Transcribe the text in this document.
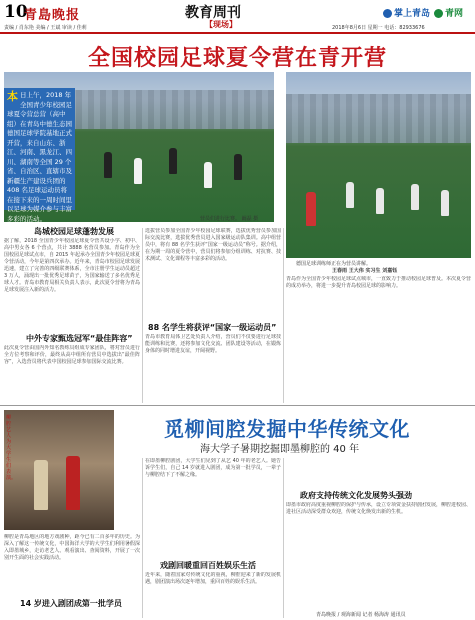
10
青島晚报
责编 / 肖东艳 美编 / 王斌 审读 / 佳莉
教育周刊
【现场】
掌上青岛	青网
2018年8月6日 星期一 电话：82933676
全国校园足球夏令营在青开营
本日上午，2018 年全国青少年校园足球夏令营总营（高中组）在青岛中德生态园德国足球学院基地正式开营，来自山东、浙江、河南、黑龙江、四川、湖南等全国 29 个省、自治区、直辖市及新疆生产建设兵团的 408 名足球运动员将在接下来的一周时间里以足球为媒介参与丰富多彩的活动。	营员们进行比赛。 阚磊 摄
岛城校园足球蓬勃发展
据了解，2018 全国青少年校园足球夏令营共设小学、初中、高中男女各 6 个营点，共计 3888 名营员参加。青岛作为全国校园足球试点市，自 2015 年起承办全国青少年校园足球夏令营活动，今年是第四次承办。近年来，青岛市校园足球发展迅速，建立了完善的四级联赛体系，全市注册学生运动员超过 3 万人，涌现出一批优秀足球苗子，为国家输送了多名优秀足球人才。青岛市教育局相关负责人表示，此次夏令营将为青岛足球发展注入新的活力。
中外专家甄选冠军“最佳阵容”
此次夏令营由国内外知名教练员组成专家团队，将对营员进行全方位考察和评价，最终从高中组所有营员中选拔出“最佳阵容”，入选营员将代表中国校园足球参加国际交流比赛。
选拔营员参加全国青少年校园足球联赛，选拔优秀营员参加国际交流比赛，选拔优秀营员进入国家级运动队集训。高中组营员中，将有 88 名学生获评“国家一级运动员”称号。据介绍，在为期一周的夏令营中，营员们将参加分组训练、对抗赛、技术测试、文化课程等丰富多彩的活动。
88 名学生将获评“国家一级运动员”
青岛市教育局体卫艺处负责人介绍，营员们不仅要进行足球技能训练和比赛，还将参加文化交流、团队建设等活动，在锻炼身体的同时增进友谊，开阔视野。
德国足球训练师正在为营员讲解。
王春雨 王大伟 实习生 刘嘉钰
青岛作为全国青少年校园足球试点城市，一直致力于推动校园足球普及。本次夏令营的成功举办，将进一步提升青岛校园足球的影响力。
柳腔艺人为大学生们表演。
觅柳间腔发掘中华传统文化
海大学子暑期挖掘即墨柳腔的 40 年
柳腔是青岛地区的地方戏剧种，距今已有二百多年的历史。为深入了解这一传统文化，中国海洋大学的大学生们利用暑假深入即墨城乡，走访老艺人、观看演出、查阅资料，开展了一次别开生面的社会实践活动。
14 岁进入剧团成第一批学员
在即墨柳腔剧团，大学生们见到了从艺 40 年的老艺人。她告诉学生们，自己 14 岁就进入剧团，成为第一批学员，一辈子与柳腔结下了不解之缘。
戏剧回暖重回百姓娱乐生活
近年来，随着国家对传统文化的重视，柳腔迎来了新的发展机遇，剧团演出场次逐年增加，重回百姓的娱乐生活。
政府支持传统文化发展势头强劲
即墨市政府高度重视柳腔的保护与传承，设立专项资金扶持剧团发展，柳腔进校园、进社区活动深受群众欢迎，传统文化焕发出新的生机。
青岛晚报 / 观海新闻 记者 杨海涛 通讯员
